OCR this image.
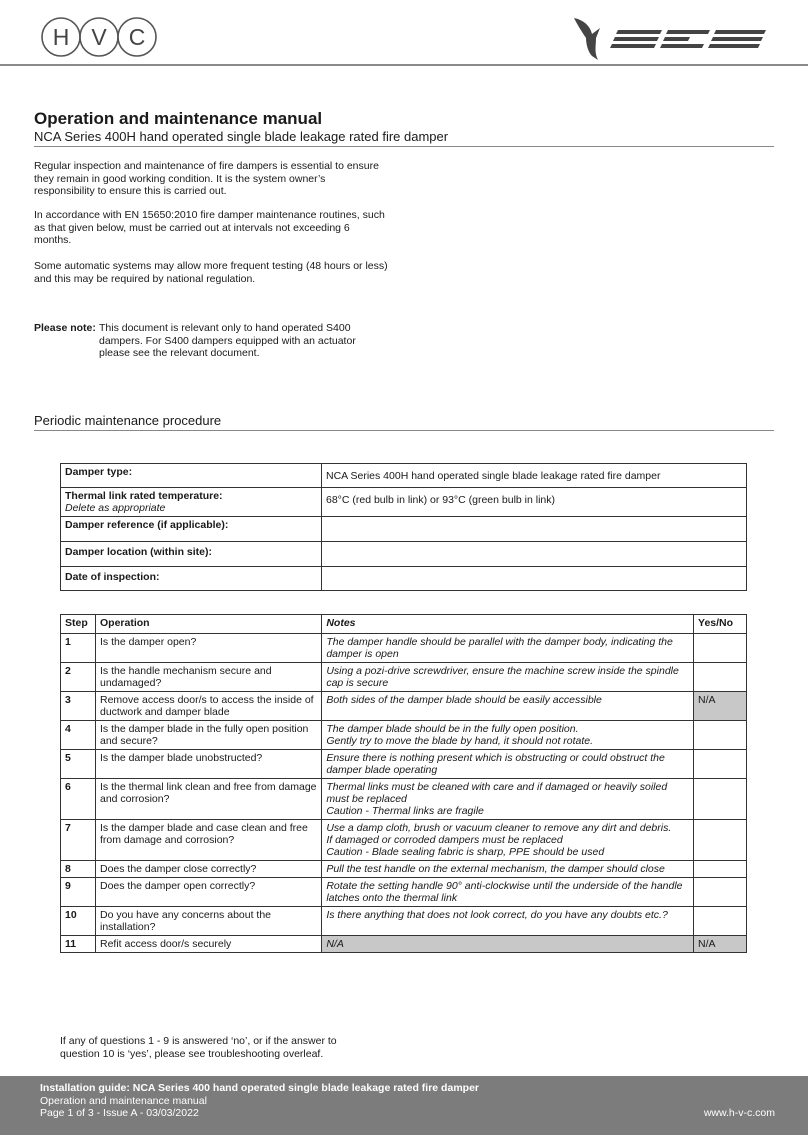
H V C
Operation and maintenance manual
NCA Series 400H hand operated single blade leakage rated fire damper
Regular inspection and maintenance of fire dampers is essential to ensure they remain in good working condition. It is the system owner’s responsibility to ensure this is carried out.
In accordance with EN 15650:2010 fire damper maintenance routines, such as that given below, must be carried out at intervals not exceeding 6 months.
Some automatic systems may allow more frequent testing (48 hours or less) and this may be required by national regulation.
Please note: This document is relevant only to hand operated S400
dampers. For S400 dampers equipped with an actuator
please see the relevant document.
Periodic maintenance procedure
Damper type:	NCA Series 400H hand operated single blade leakage rated fire damper
Thermal link rated temperature:
Delete as appropriate	68°C (red bulb in link) or 93°C (green bulb in link)
Damper reference (if applicable):	
Damper location (within site):	
Date of inspection:	
Step	Operation	Notes	Yes/No
1	Is the damper open?	The damper handle should be parallel with the damper body, indicating the damper is open	

2	Is the handle mechanism secure and undamaged?	Using a pozi-drive screwdriver, ensure the machine screw inside the spindle cap is secure	

3	Remove access door/s to access the inside of ductwork and damper blade	Both sides of the damper blade should be easily accessible	N/A
4	Is the damper blade in the fully open position and secure?	The damper blade should be in the fully open position.
Gently try to move the blade by hand, it should not rotate.	

5	Is the damper blade unobstructed?	Ensure there is nothing present which is obstructing or could obstruct the damper blade operating	

6	Is the thermal link clean and free from damage and corrosion?	Thermal links must be cleaned with care and if damaged or heavily soiled must be replaced
Caution - Thermal links are fragile	

7	Is the damper blade and case clean and free from damage and corrosion?	Use a damp cloth, brush or vacuum cleaner to remove any dirt and debris.
If damaged or corroded dampers must be replaced
Caution - Blade sealing fabric is sharp, PPE should be used	

8	Does the damper close correctly?	Pull the test handle on the external mechanism, the damper should close	

9	Does the damper open correctly?	Rotate the setting handle 90° anti-clockwise until the underside of the handle latches onto the thermal link	

10	Do you have any concerns about the installation?	Is there anything that does not look correct, do you have any doubts etc.?	

11	Refit access door/s securely	N/A	N/A
If any of questions 1 - 9 is answered ‘no’, or if the answer to question 10 is ‘yes’, please see troubleshooting overleaf.
Installation guide: NCA Series 400 hand operated single blade leakage rated fire damper
Operation and maintenance manual
Page 1 of 3 - Issue A - 03/03/2022	www.h-v-c.com
